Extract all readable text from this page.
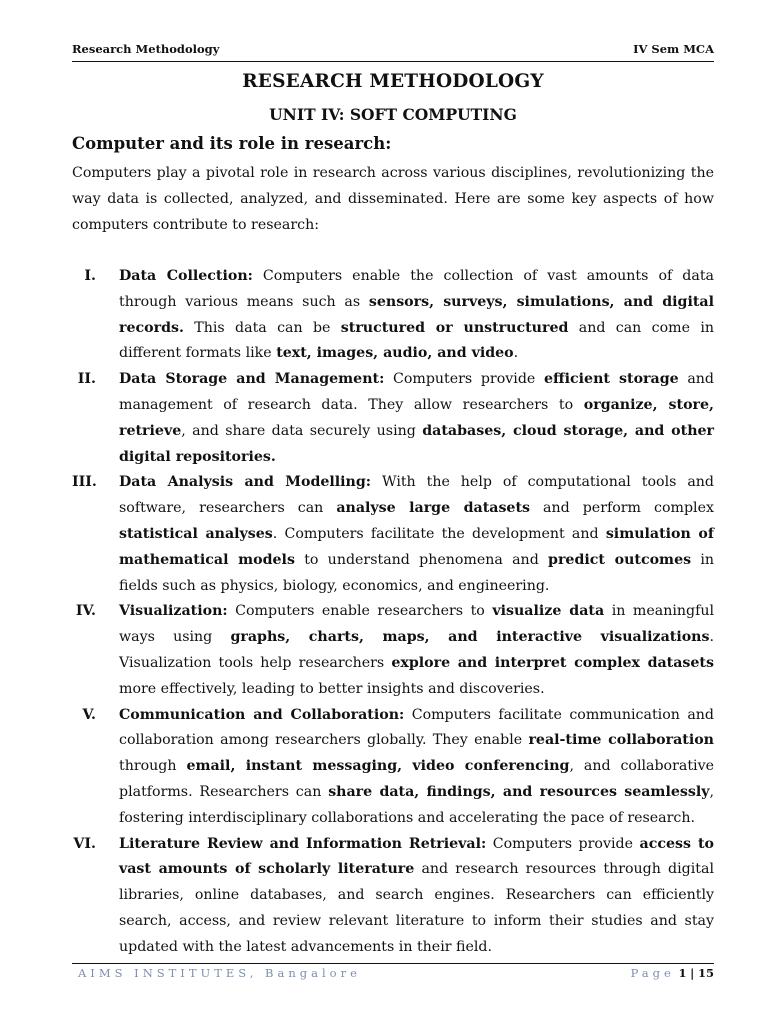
Research Methodology	IV Sem MCA
RESEARCH METHODOLOGY
UNIT IV: SOFT COMPUTING
Computer and its role in research:

Computers play a pivotal role in research across various disciplines, revolutionizing the way data is collected, analyzed, and disseminated. Here are some key aspects of how computers contribute to research:

I. Data Collection: Computers enable the collection of vast amounts of data through various means such as sensors, surveys, simulations, and digital records. This data can be structured or unstructured and can come in different formats like text, images, audio, and video.
II. Data Storage and Management: Computers provide efficient storage and management of research data. They allow researchers to organize, store, retrieve, and share data securely using databases, cloud storage, and other digital repositories.
III. Data Analysis and Modelling: With the help of computational tools and software, researchers can analyse large datasets and perform complex statistical analyses. Computers facilitate the development and simulation of mathematical models to understand phenomena and predict outcomes in fields such as physics, biology, economics, and engineering.
IV. Visualization: Computers enable researchers to visualize data in meaningful ways using graphs, charts, maps, and interactive visualizations. Visualization tools help researchers explore and interpret complex datasets more effectively, leading to better insights and discoveries.
V. Communication and Collaboration: Computers facilitate communication and collaboration among researchers globally. They enable real-time collaboration through email, instant messaging, video conferencing, and collaborative platforms. Researchers can share data, findings, and resources seamlessly, fostering interdisciplinary collaborations and accelerating the pace of research.
VI. Literature Review and Information Retrieval: Computers provide access to vast amounts of scholarly literature and research resources through digital libraries, online databases, and search engines. Researchers can efficiently search, access, and review relevant literature to inform their studies and stay updated with the latest advancements in their field.
AIMS INSTITUTES, Bangalore	Page 1 | 15
